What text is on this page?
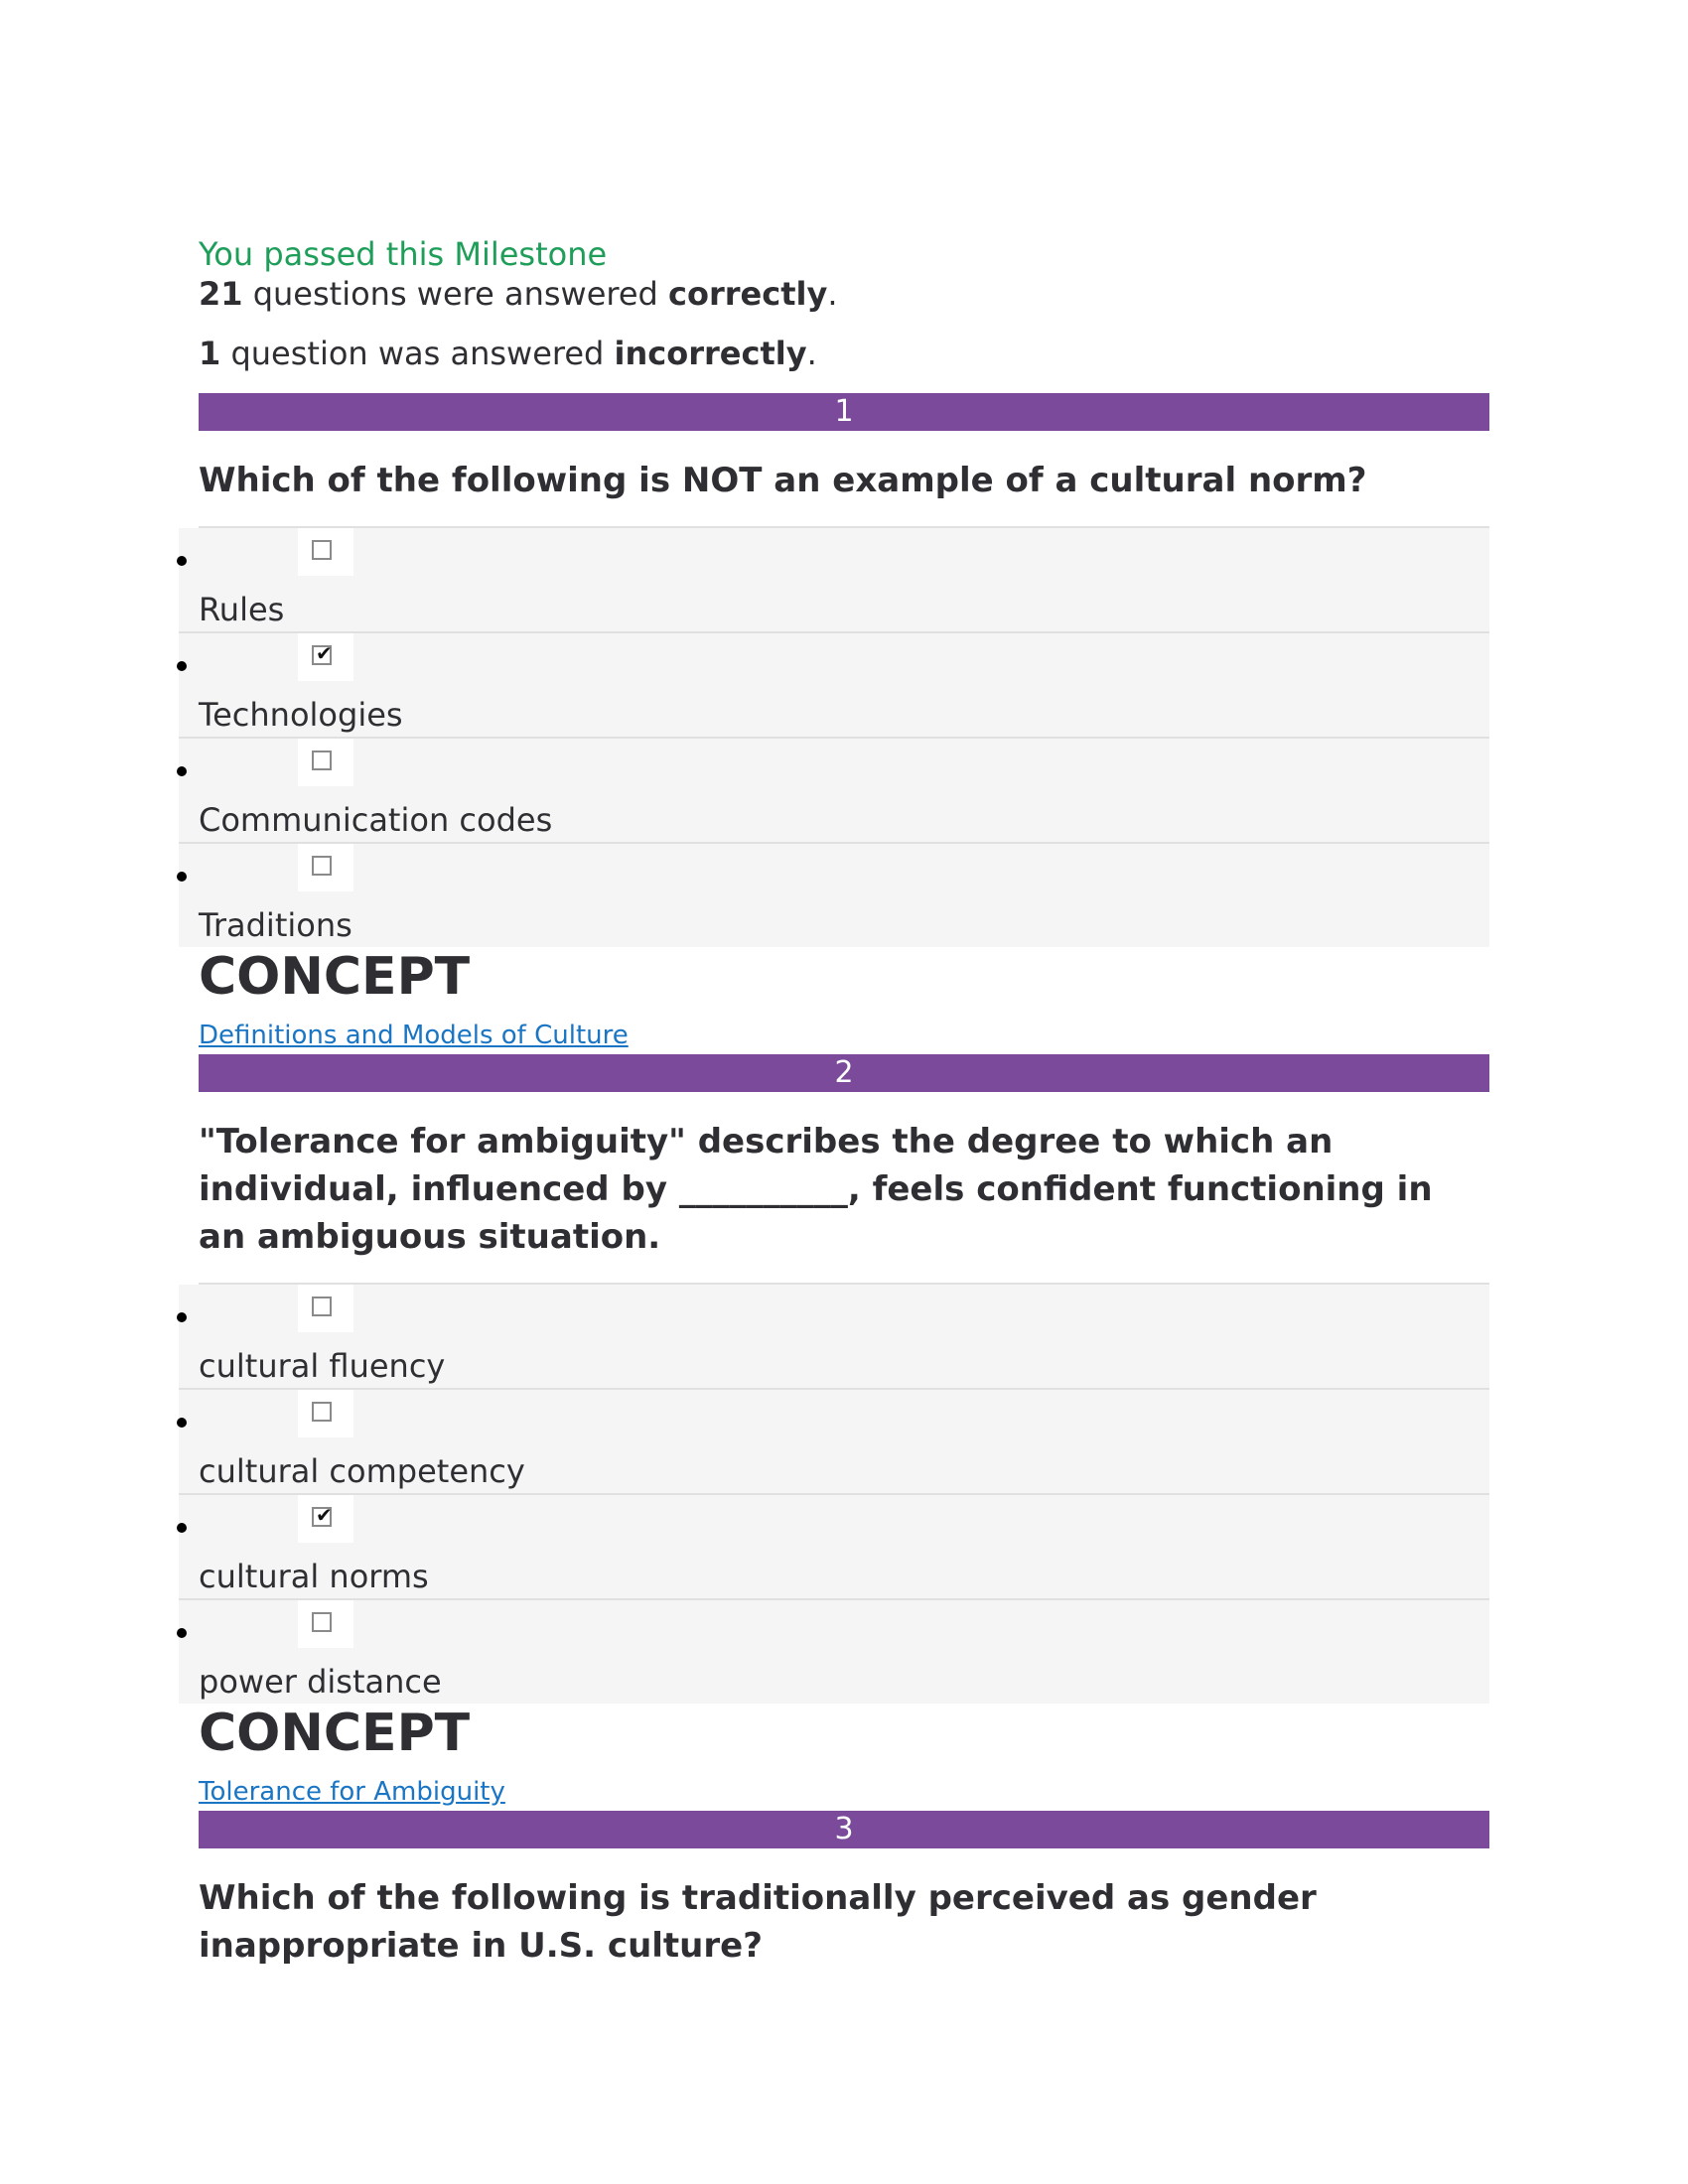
You passed this Milestone

21 questions were answered correctly.

1 question was answered incorrectly.

1
Which of the following is NOT an example of a cultural norm?
Rules
✔
Technologies
Communication codes
Traditions
CONCEPT
Definitions and Models of Culture
2
"Tolerance for ambiguity" describes the degree to which an individual, influenced by __________, feels confident functioning in an ambiguous situation.
cultural fluency
cultural competency
✔
cultural norms
power distance
CONCEPT
Tolerance for Ambiguity
3
Which of the following is traditionally perceived as gender inappropriate in U.S. culture?
